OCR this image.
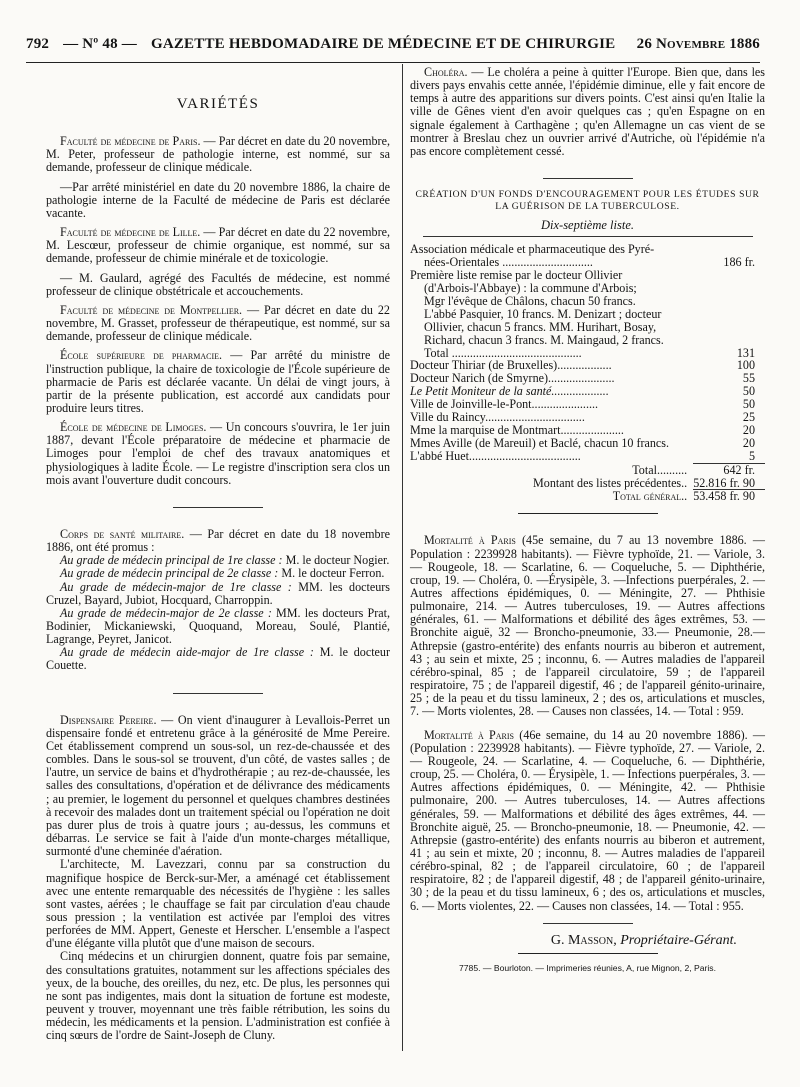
792 — Nº 48 — GAZETTE HEBDOMADAIRE DE MÉDECINE ET DE CHIRURGIE 26 Novembre 1886
VARIÉTÉS

Faculté de médecine de Paris. — Par décret en date du 20 novembre, M. Peter, professeur de pathologie interne, est nommé, sur sa demande, professeur de clinique médicale.

—Par arrêté ministériel en date du 20 novembre 1886, la chaire de pathologie interne de la Faculté de médecine de Paris est déclarée vacante.

Faculté de médecine de Lille. — Par décret en date du 22 novembre, M. Lescœur, professeur de chimie organique, est nommé, sur sa demande, professeur de chimie minérale et de toxicologie.

— M. Gaulard, agrégé des Facultés de médecine, est nommé professeur de clinique obstétricale et accouchements.

Faculté de médecine de Montpellier. — Par décret en date du 22 novembre, M. Grasset, professeur de thérapeutique, est nommé, sur sa demande, professeur de clinique médicale.

École supérieure de pharmacie. — Par arrêté du ministre de l'instruction publique, la chaire de toxicologie de l'École supérieure de pharmacie de Paris est déclarée vacante. Un délai de vingt jours, à partir de la présente publication, est accordé aux candidats pour produire leurs titres.

École de médecine de Limoges. — Un concours s'ouvrira, le 1er juin 1887, devant l'École préparatoire de médecine et pharmacie de Limoges pour l'emploi de chef des travaux anatomiques et physiologiques à ladite École. — Le registre d'inscription sera clos un mois avant l'ouverture dudit concours.

Corps de santé militaire. — Par décret en date du 18 novembre 1886, ont été promus :

Au grade de médecin principal de 1re classe : M. le docteur Nogier.

Au grade de médecin principal de 2e classe : M. le docteur Ferron.

Au grade de médecin-major de 1re classe : MM. les docteurs Cruzel, Bayard, Jubiot, Hocquard, Charroppin.

Au grade de médecin-major de 2e classe : MM. les docteurs Prat, Bodinier, Mickaniewski, Quoquand, Moreau, Soulé, Plantié, Lagrange, Peyret, Janicot.

Au grade de médecin aide-major de 1re classe : M. le docteur Couette.

Dispensaire Pereire. — On vient d'inaugurer à Levallois-Perret un dispensaire fondé et entretenu grâce à la générosité de Mme Pereire. Cet établissement comprend un sous-sol, un rez-de-chaussée et des combles. Dans le sous-sol se trouvent, d'un côté, de vastes salles ; de l'autre, un service de bains et d'hydrothérapie ; au rez-de-chaussée, les salles des consultations, d'opération et de délivrance des médicaments ; au premier, le logement du personnel et quelques chambres destinées à recevoir des malades dont un traitement spécial ou l'opération ne doit pas durer plus de trois à quatre jours ; au-dessus, les communs et débarras. Le service se fait à l'aide d'un monte-charges métallique, surmonté d'une cheminée d'aération.

L'architecte, M. Lavezzari, connu par sa construction du magnifique hospice de Berck-sur-Mer, a aménagé cet établissement avec une entente remarquable des nécessités de l'hygiène : les salles sont vastes, aérées ; le chauffage se fait par circulation d'eau chaude sous pression ; la ventilation est activée par l'emploi des vitres perforées de MM. Appert, Geneste et Herscher. L'ensemble a l'aspect d'une élégante villa plutôt que d'une maison de secours.

Cinq médecins et un chirurgien donnent, quatre fois par semaine, des consultations gratuites, notamment sur les affections spéciales des yeux, de la bouche, des oreilles, du nez, etc. De plus, les personnes qui ne sont pas indigentes, mais dont la situation de fortune est modeste, peuvent y trouver, moyennant une très faible rétribution, les soins du médecin, les médicaments et la pension. L'administration est confiée à cinq sœurs de l'ordre de Saint-Joseph de Cluny.

Choléra. — Le choléra a peine à quitter l'Europe. Bien que, dans les divers pays envahis cette année, l'épidémie diminue, elle y fait encore de temps à autre des apparitions sur divers points. C'est ainsi qu'en Italie la ville de Gênes vient d'en avoir quelques cas ; qu'en Espagne on en signale également à Carthagène ; qu'en Allemagne un cas vient de se montrer à Breslau chez un ouvrier arrivé d'Autriche, où l'épidémie n'a pas encore complètement cessé.

CRÉATION D'UN FONDS D'ENCOURAGEMENT POUR LES ÉTUDES SUR LA GUÉRISON DE LA TUBERCULOSE.
Dix-septième liste.
Association médicale et pharmaceutique des Pyré-	
nées-Orientales ..............................	186 fr.
Première liste remise par le docteur Ollivier	
(d'Arbois-l'Abbaye) : la commune d'Arbois;	
Mgr l'évêque de Châlons, chacun 50 francs.	
L'abbé Pasquier, 10 francs. M. Denizart ; docteur	
Ollivier, chacun 5 francs. MM. Hurihart, Bosay,	
Richard, chacun 3 francs. M. Maingaud, 2 francs.	
Total ...........................................	131
Docteur Thiriar (de Bruxelles)..................	100
Docteur Narich (de Smyrne)......................	55
Le Petit Moniteur de la santé...................	50
Ville de Joinville-le-Pont......................	50
Ville du Raincy.................................	25
Mme la marquise de Montmart.....................	20
Mmes Aville (de Mareuil) et Baclé, chacun 10 francs.	20
L'abbé Huet.....................................	5
Total..........	642 fr.
Montant des listes précédentes..	52.816 fr. 90
Total général..	53.458 fr. 90

Mortalité à Paris (45e semaine, du 7 au 13 novembre 1886. — Population : 2239928 habitants). — Fièvre typhoïde, 21. — Variole, 3. — Rougeole, 18. — Scarlatine, 6. — Coqueluche, 5. — Diphthérie, croup, 19. — Choléra, 0. —Érysipèle, 3. —Infections puerpérales, 2. — Autres affections épidémiques, 0. — Méningite, 27. — Phthisie pulmonaire, 214. — Autres tuberculoses, 19. — Autres affections générales, 61. — Malformations et débilité des âges extrêmes, 53. — Bronchite aiguë, 32 — Broncho-pneumonie, 33.— Pneumonie, 28.— Athrepsie (gastro-entérite) des enfants nourris au biberon et autrement, 43 ; au sein et mixte, 25 ; inconnu, 6. — Autres maladies de l'appareil cérébro-spinal, 85 ; de l'appareil circulatoire, 59 ; de l'appareil respiratoire, 75 ; de l'appareil digestif, 46 ; de l'appareil génito-urinaire, 25 ; de la peau et du tissu lamineux, 2 ; des os, articulations et muscles, 7. — Morts violentes, 28. — Causes non classées, 14. — Total : 959.

Mortalité à Paris (46e semaine, du 14 au 20 novembre 1886). — (Population : 2239928 habitants). — Fièvre typhoïde, 27. — Variole, 2. — Rougeole, 24. — Scarlatine, 4. — Coqueluche, 6. — Diphthérie, croup, 25. — Choléra, 0. — Érysipèle, 1. — Infections puerpérales, 3. — Autres affections épidémiques, 0. — Méningite, 42. — Phthisie pulmonaire, 200. — Autres tuberculoses, 14. — Autres affections générales, 59. — Malformations et débilité des âges extrêmes, 44. — Bronchite aiguë, 25. — Broncho-pneumonie, 18. — Pneumonie, 42. — Athrepsie (gastro-entérite) des enfants nourris au biberon et autrement, 41 ; au sein et mixte, 20 ; inconnu, 8. — Autres maladies de l'appareil cérébro-spinal, 82 ; de l'appareil circulatoire, 60 ; de l'appareil respiratoire, 82 ; de l'appareil digestif, 48 ; de l'appareil génito-urinaire, 30 ; de la peau et du tissu lamineux, 6 ; des os, articulations et muscles, 6. — Morts violentes, 22. — Causes non classées, 14. — Total : 955.

G. Masson, Propriétaire-Gérant.
7785. — Bourloton. — Imprimeries réunies, A, rue Mignon, 2, Paris.
